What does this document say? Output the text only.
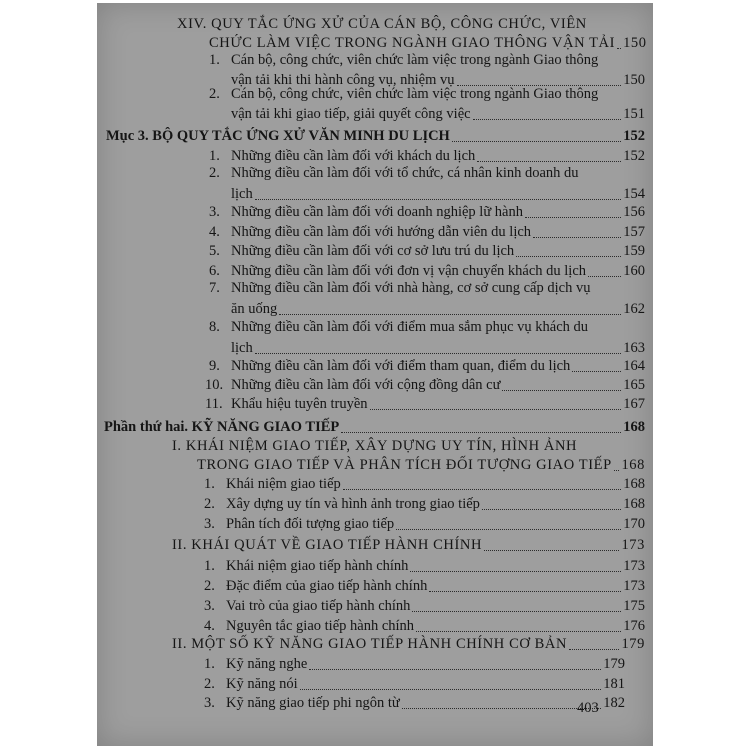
XIV. QUY TẮC ỨNG XỬ CỦA CÁN BỘ, CÔNG CHỨC, VIÊN
CHỨC LÀM VIỆC TRONG NGÀNH GIAO THÔNG VẬN TẢI 150
1. Cán bộ, công chức, viên chức làm việc trong ngành Giao thông
vận tải khi thi hành công vụ, nhiệm vụ	150
2. Cán bộ, công chức, viên chức làm việc trong ngành Giao thông
vận tải khi giao tiếp, giải quyết công việc	151
Mục 3. BỘ QUY TẮC ỨNG XỬ VĂN MINH DU LỊCH	152
1. Những điều cần làm đối với khách du lịch	152
2. Những điều cần làm đối với tổ chức, cá nhân kinh doanh du
lịch	154
3. Những điều cần làm đối với doanh nghiệp lữ hành	156
4. Những điều cần làm đối với hướng dẫn viên du lịch	157
5. Những điều cần làm đối với cơ sở lưu trú du lịch	159
6. Những điều cần làm đối với đơn vị vận chuyển khách du lịch	160
7. Những điều cần làm đối với nhà hàng, cơ sở cung cấp dịch vụ
ăn uống	162
8. Những điều cần làm đối với điểm mua sắm phục vụ khách du
lịch	163
9. Những điều cần làm đối với điểm tham quan, điểm du lịch	164
10. Những điều cần làm đối với cộng đồng dân cư	165
11. Khẩu hiệu tuyên truyền	167
Phần thứ hai. KỸ NĂNG GIAO TIẾP	168
I. KHÁI NIỆM GIAO TIẾP, XÂY DỰNG UY TÍN, HÌNH ẢNH
TRONG GIAO TIẾP VÀ PHÂN TÍCH ĐỐI TƯỢNG GIAO TIẾP 168
1. Khái niệm giao tiếp	168
2. Xây dựng uy tín và hình ảnh trong giao tiếp	168
3. Phân tích đối tượng giao tiếp	170
II. KHÁI QUÁT VỀ GIAO TIẾP HÀNH CHÍNH	173
1. Khái niệm giao tiếp hành chính	173
2. Đặc điểm của giao tiếp hành chính	173
3. Vai trò của giao tiếp hành chính	175
4. Nguyên tắc giao tiếp hành chính	176
II. MỘT SỐ KỸ NĂNG GIAO TIẾP HÀNH CHÍNH CƠ BẢN	179
1. Kỹ năng nghe	179
2. Kỹ năng nói	181
3. Kỹ năng giao tiếp phi ngôn từ	182
403
